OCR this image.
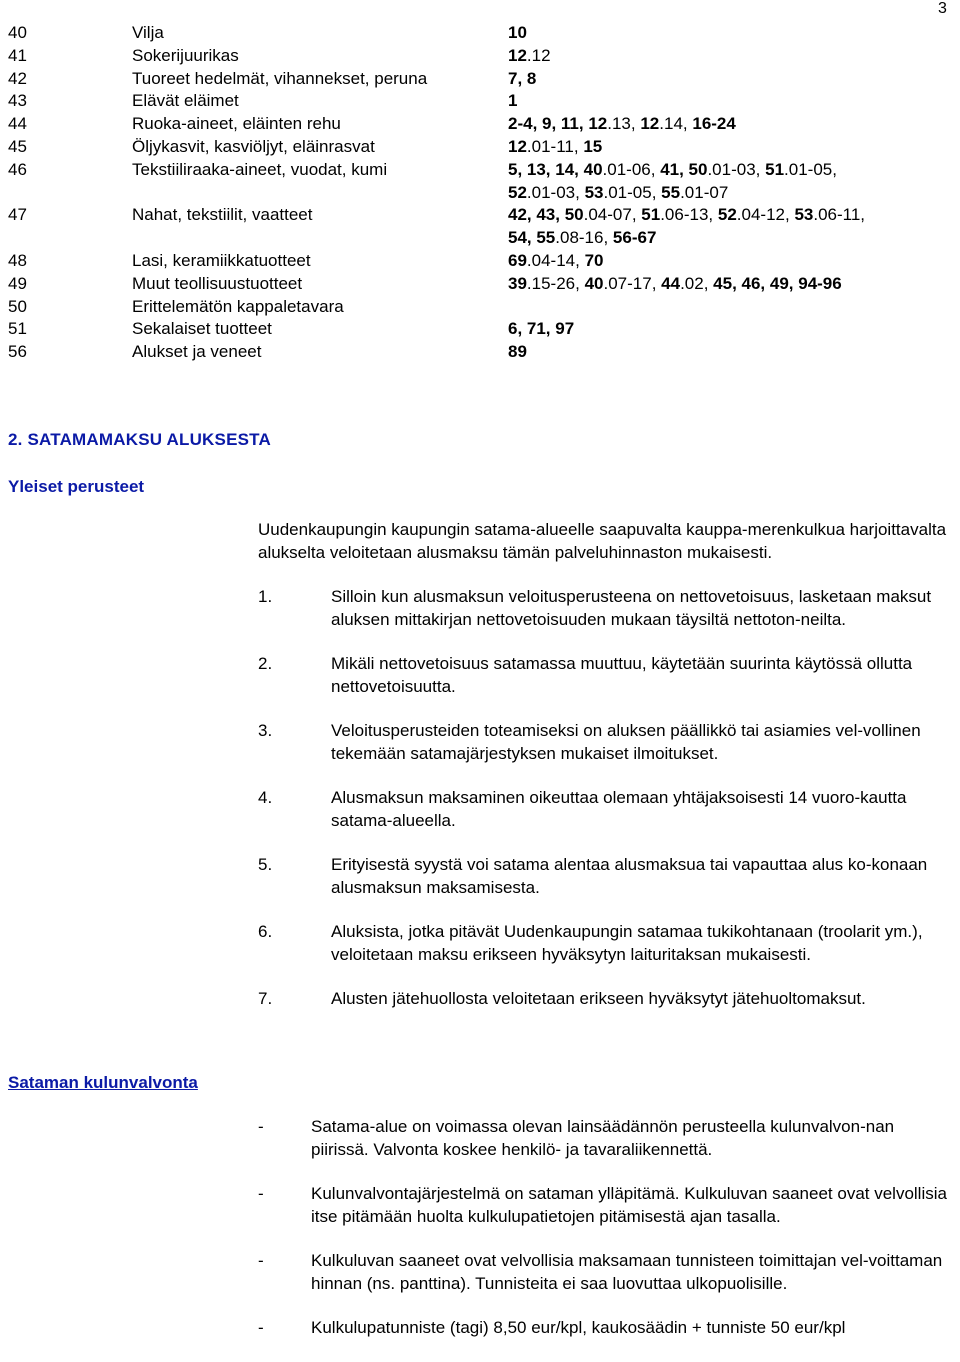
3
40	Vilja	10
41	Sokerijuurikas	12.12
42	Tuoreet hedelmät, vihannekset, peruna	7, 8
43	Elävät eläimet	1
44	Ruoka-aineet, eläinten rehu	2-4, 9, 11, 12.13, 12.14, 16-24
45	Öljykasvit, kasviöljyt, eläinrasvat	12.01-11, 15
46	Tekstiiliraaka-aineet, vuodat, kumi	5, 13, 14, 40.01-06, 41, 50.01-03, 51.01-05,
52.01-03, 53.01-05, 55.01-07
47	Nahat, tekstiilit, vaatteet	42, 43, 50.04-07, 51.06-13, 52.04-12, 53.06-11,
54, 55.08-16, 56-67
48	Lasi, keramiikkatuotteet	69.04-14, 70
49	Muut teollisuustuotteet	39.15-26, 40.07-17, 44.02, 45, 46, 49, 94-96
50	Erittelemätön kappaletavara
51	Sekalaiset tuotteet	6, 71, 97
56	Alukset ja veneet	89
2. SATAMAMAKSU ALUKSESTA
Yleiset perusteet
Uudenkaupungin kaupungin satama-alueelle saapuvalta kauppa-merenkulkua harjoittavalta alukselta veloitetaan alusmaksu tämän palveluhinnaston mukaisesti.
1.	Silloin kun alusmaksun veloitusperusteena on nettovetoisuus, lasketaan maksut aluksen mittakirjan nettovetoisuuden mukaan täysiltä nettoton-neilta.
2.	Mikäli nettovetoisuus satamassa muuttuu, käytetään suurinta käytössä ollutta nettovetoisuutta.
3.	Veloitusperusteiden toteamiseksi on aluksen päällikkö tai asiamies vel-vollinen tekemään satamajärjestyksen mukaiset ilmoitukset.
4.	Alusmaksun maksaminen oikeuttaa olemaan yhtäjaksoisesti 14 vuoro-kautta satama-alueella.
5.	Erityisestä syystä voi satama alentaa alusmaksua tai vapauttaa alus ko-konaan alusmaksun maksamisesta.
6.	Aluksista, jotka pitävät Uudenkaupungin satamaa tukikohtanaan (troolarit ym.), veloitetaan maksu erikseen hyväksytyn laituritaksan mukaisesti.
7.	Alusten jätehuollosta veloitetaan erikseen hyväksytyt jätehuoltomaksut.
Sataman kulunvalvonta
-	Satama-alue on voimassa olevan lainsäädännön perusteella kulunvalvon-nan piirissä. Valvonta koskee henkilö- ja tavaraliikennettä.
-	Kulunvalvontajärjestelmä on sataman ylläpitämä. Kulkuluvan saaneet ovat velvollisia itse pitämään huolta kulkulupatietojen pitämisestä ajan tasalla.
-	Kulkuluvan saaneet ovat velvollisia maksamaan tunnisteen toimittajan vel-voittaman hinnan (ns. panttina). Tunnisteita ei saa luovuttaa ulkopuolisille.
-	Kulkulupatunniste (tagi) 8,50 eur/kpl, kaukosäädin + tunniste 50 eur/kpl
